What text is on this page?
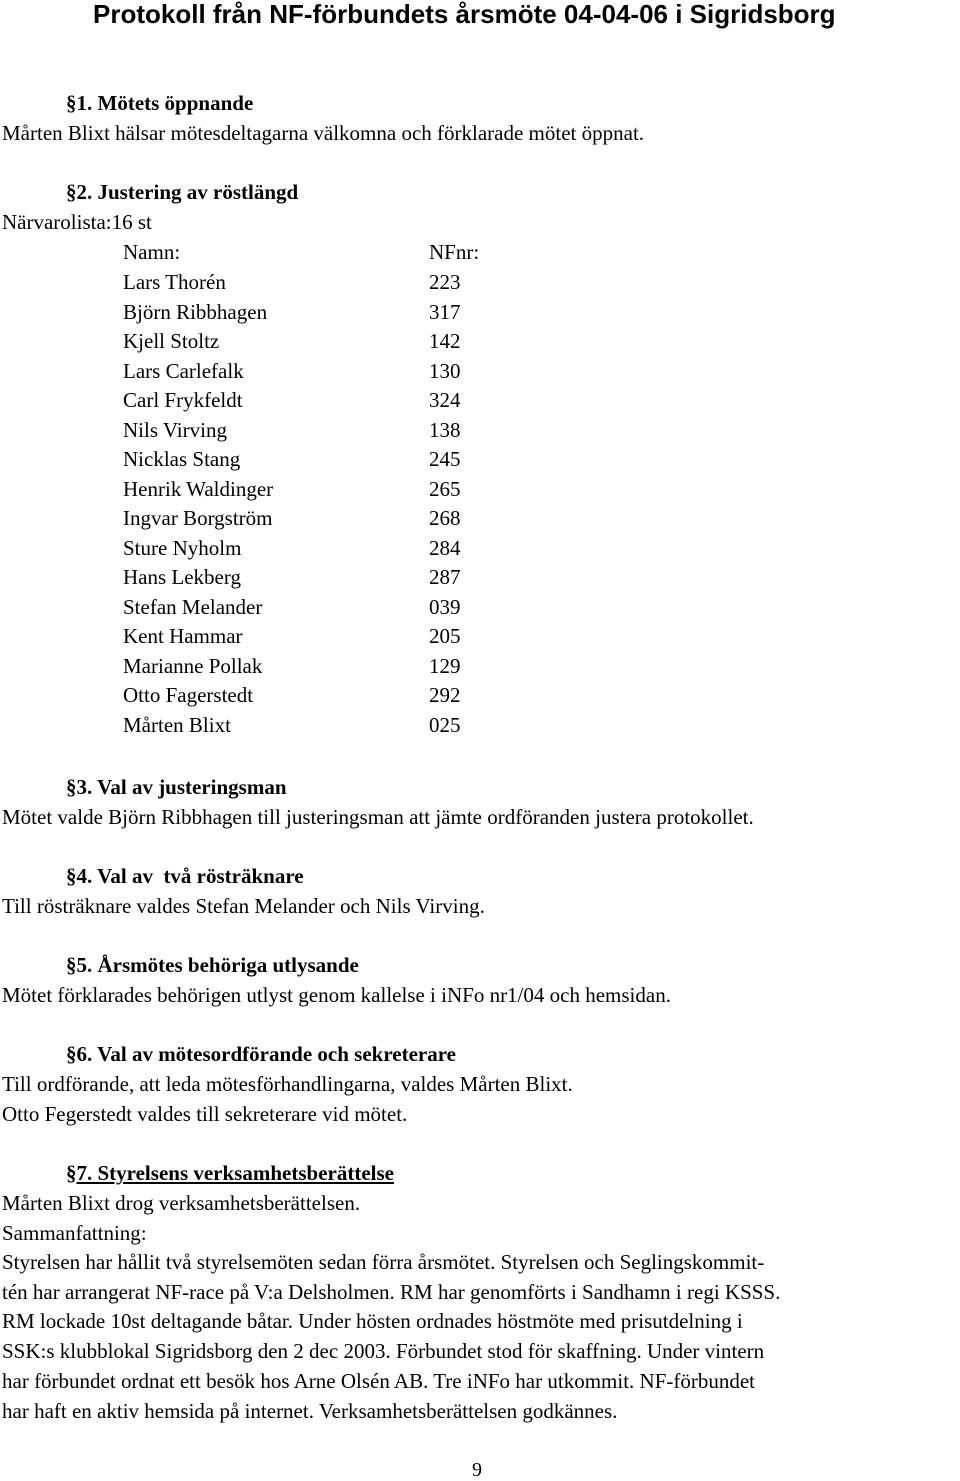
Protokoll från NF-förbundets årsmöte 04-04-06 i Sigridsborg
§1. Mötets öppnande
Mårten Blixt hälsar mötesdeltagarna välkomna och förklarade mötet öppnat.
§2. Justering av röstlängd
Närvarolista:16 st
Namn:	NFnr:
Lars Thorén	223
Björn Ribbhagen	317
Kjell Stoltz	142
Lars Carlefalk	130
Carl Frykfeldt	324
Nils Virving	138
Nicklas Stang	245
Henrik Waldinger	265
Ingvar Borgström	268
Sture Nyholm	284
Hans Lekberg	287
Stefan Melander	039
Kent Hammar	205
Marianne Pollak	129
Otto Fagerstedt	292
Mårten Blixt	025
§3. Val av justeringsman
Mötet valde Björn Ribbhagen till justeringsman att jämte ordföranden justera protokollet.
§4. Val av  två rösträknare
Till rösträknare valdes Stefan Melander och Nils Virving.
§5. Årsmötes behöriga utlysande
Mötet förklarades behörigen utlyst genom kallelse i iNFo nr1/04 och hemsidan.
§6. Val av mötesordförande och sekreterare
Till ordförande, att leda mötesförhandlingarna, valdes Mårten Blixt.
Otto Fegerstedt valdes till sekreterare vid mötet.
§7. Styrelsens verksamhetsberättelse
Mårten Blixt drog verksamhetsberättelsen.
Sammanfattning:
Styrelsen har hållit två styrelsemöten sedan förra årsmötet. Styrelsen och Seglingskommit-
tén har arrangerat NF-race på V:a Delsholmen. RM har genomförts i Sandhamn i regi KSSS.
RM lockade 10st deltagande båtar. Under hösten ordnades höstmöte med prisutdelning i
SSK:s klubblokal Sigridsborg den 2 dec 2003. Förbundet stod för skaffning. Under vintern
har förbundet ordnat ett besök hos Arne Olsén AB. Tre iNFo har utkommit. NF-förbundet
har haft en aktiv hemsida på internet. Verksamhetsberättelsen godkännes.
9
